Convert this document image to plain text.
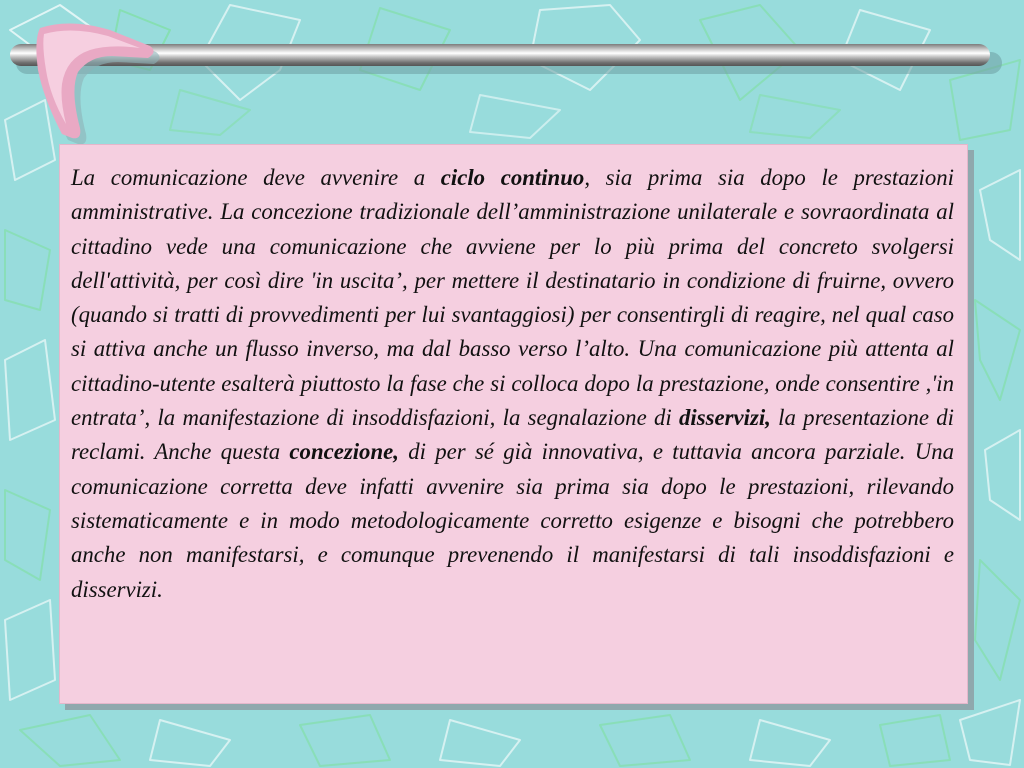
La comunicazione deve avvenire a ciclo continuo, sia prima sia dopo le prestazioni amministrative. La concezione tradizionale dell’amministrazione unilaterale e sovraordinata al cittadino vede una comunicazione che avviene per lo più prima del concreto svolgersi dell'attività, per così dire 'in uscita’, per mettere il destinatario in condizione di fruirne, ovvero (quando si tratti di provvedimenti per lui svantaggiosi) per consentirgli di reagire, nel qual caso si attiva anche un flusso inverso, ma dal basso verso l’alto. Una comunicazione più attenta al cittadino-utente esalterà piuttosto la fase che si colloca dopo la prestazione, onde consentire ,'in entrata’, la manifestazione di insoddisfazioni, la segnalazione di disservizi, la presentazione di reclami. Anche questa concezione, di per sé già innovativa, e tuttavia ancora parziale. Una comunicazione corretta deve infatti avvenire sia prima sia dopo le prestazioni, rilevando sistematicamente e in modo metodologicamente corretto esigenze e bisogni che potrebbero anche non manifestarsi, e comunque prevenendo il manifestarsi di tali insoddisfazioni e disservizi.
